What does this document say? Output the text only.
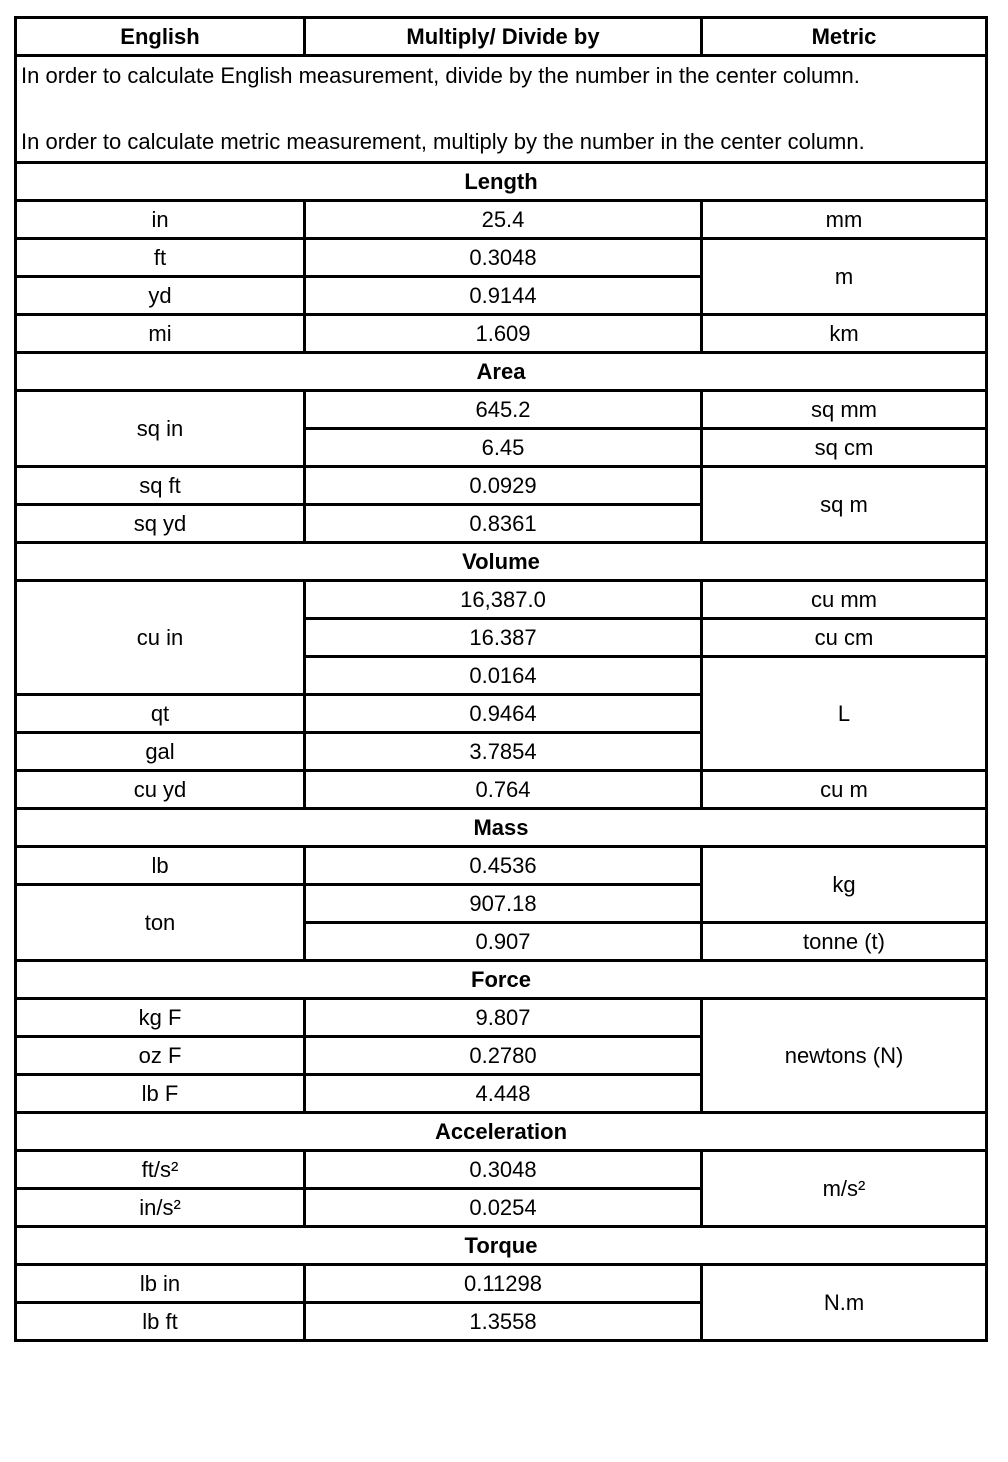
English	Multiply/ Divide by	Metric

In order to calculate English measurement, divide by the number in the center column.
In order to calculate metric measurement, multiply by the number in the center column.		

Length		
in	25.4	mm
ft	0.3048	m
yd	0.9144	
mi	1.609	km
Area		
sq in	645.2	sq mm
	6.45	sq cm
sq ft	0.0929	sq m
sq yd	0.8361	
Volume		
cu in	16,387.0	cu mm
	16.387	cu cm
	0.0164	L
qt	0.9464	
gal	3.7854	
cu yd	0.764	cu m
Mass		
lb	0.4536	kg
ton	907.18	
	0.907	tonne (t)
Force		
kg F	9.807	newtons (N)
oz F	0.2780	
lb F	4.448	
Acceleration		
ft/s²	0.3048	m/s²
in/s²	0.0254	
Torque		
lb in	0.11298	N.m
lb ft	1.3558	
